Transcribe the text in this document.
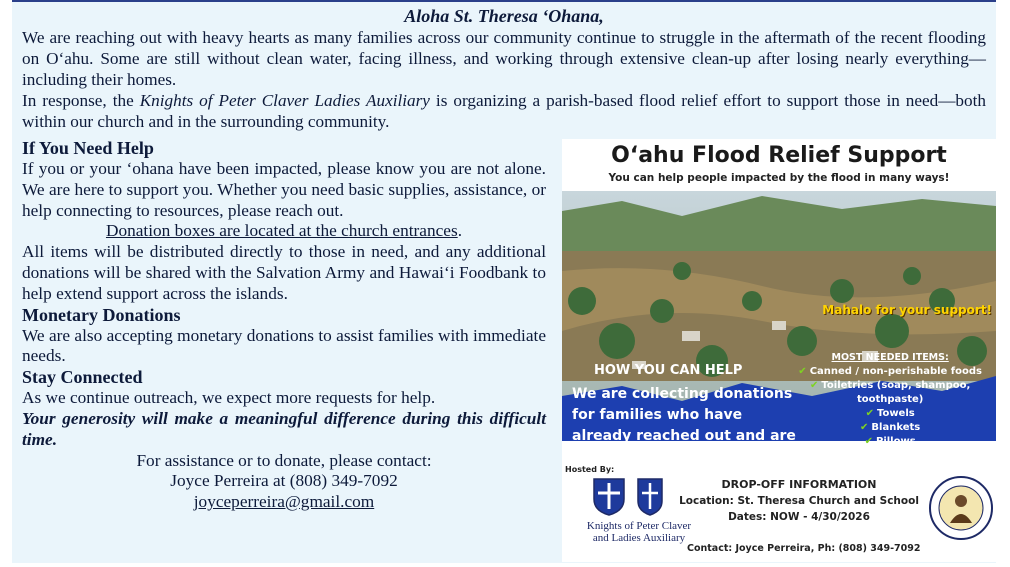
Aloha St. Theresa ʻOhana,

We are reaching out with heavy hearts as many families across our community continue to struggle in the aftermath of the recent flooding on Oʻahu. Some are still without clean water, facing illness, and working through extensive clean-up after losing nearly everything—including their homes.

In response, the Knights of Peter Claver Ladies Auxiliary is organizing a parish-based flood relief effort to support those in need—both within our church and in the surrounding community.

If You Need Help

If you or your ʻohana have been impacted, please know you are not alone. We are here to support you. Whether you need basic supplies, assistance, or help connecting to resources, please reach out.

Donation boxes are located at the church entrances.

All items will be distributed directly to those in need, and any additional donations will be shared with the Salvation Army and Hawaiʻi Foodbank to help extend support across the islands.

Monetary Donations

We are also accepting monetary donations to assist families with immediate needs.

Stay Connected

As we continue outreach, we expect more requests for help.

Your generosity will make a meaningful difference during this difficult time.

For assistance or to donate, please contact:
Joyce Perreira at (808) 349-7092
joyceperreira@gmail.com
Oʻahu Flood Relief Support
You can help people impacted by the flood in many ways!
Mahalo for your support!
HOW YOU CAN HELP
We are collecting donations for families who have already reached out and are in need.
MOST NEEDED ITEMS:
✔ Canned / non-perishable foods
✔ Toiletries (soap, shampoo,
toothpaste)
✔ Towels
✔ Blankets
✔ Pillows
Hosted By:
Knights of Peter Claver
and Ladies Auxiliary
DROP-OFF INFORMATION
Location: St. Theresa Church and School
Dates: NOW - 4/30/2026
Contact: Joyce Perreira, Ph: (808) 349-7092
